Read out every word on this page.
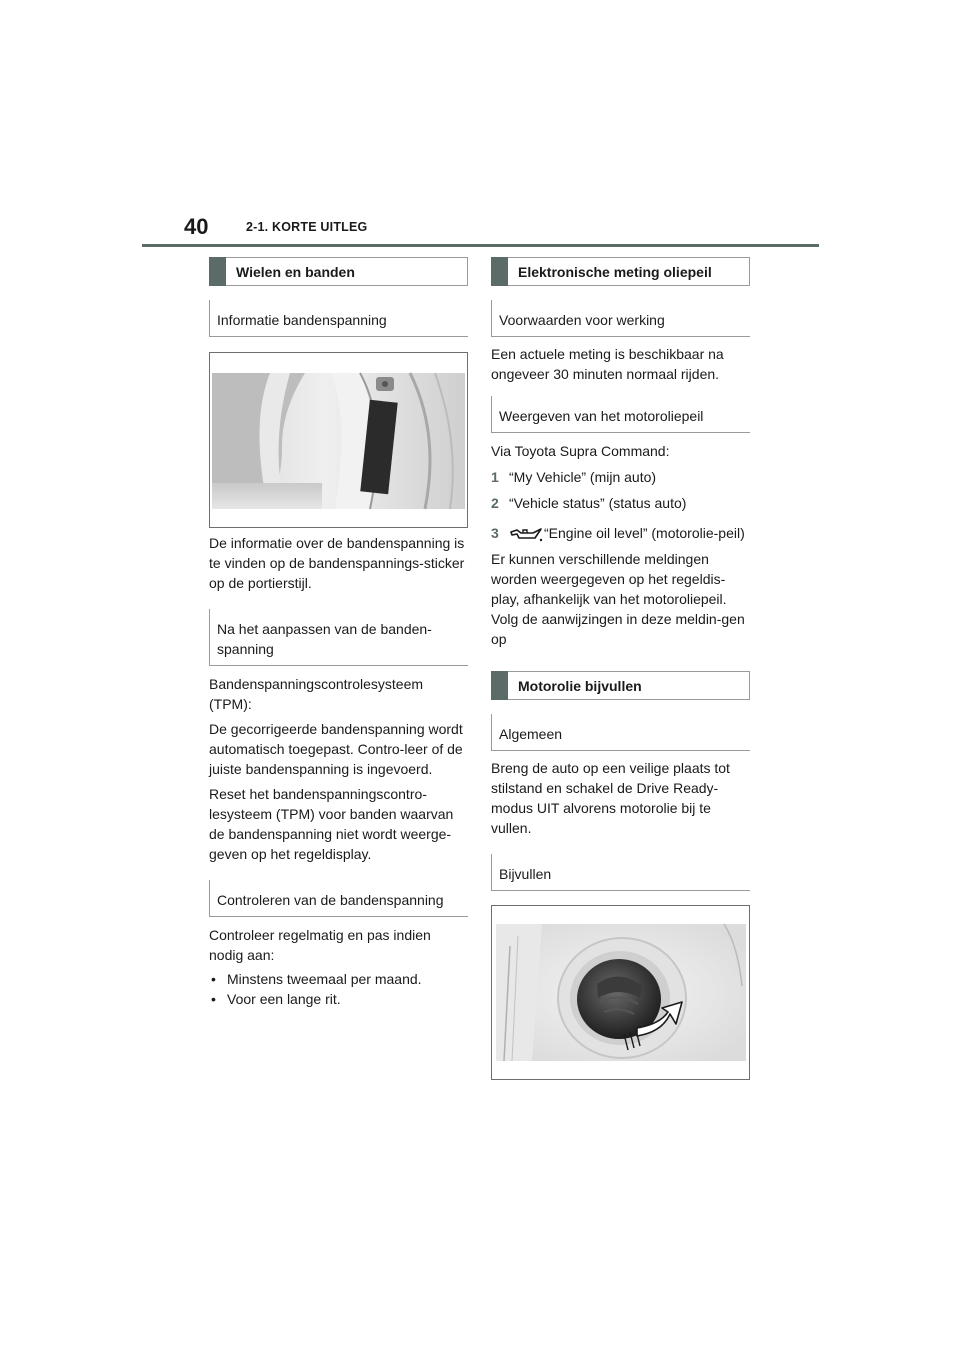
40	2-1. KORTE UITLEG
Wielen en banden
Informatie bandenspanning

De informatie over de bandenspanning is te vinden op de bandenspannings-sticker op de portierstijl.

Na het aanpassen van de banden-spanning

Bandenspanningscontrolesysteem (TPM):

De gecorrigeerde bandenspanning wordt automatisch toegepast. Contro-leer of de juiste bandenspanning is ingevoerd.

Reset het bandenspanningscontro-lesysteem (TPM) voor banden waarvan de bandenspanning niet wordt weerge-geven op het regeldisplay.

Controleren van de bandenspanning

Controleer regelmatig en pas indien nodig aan:

• Minstens tweemaal per maand.
• Voor een lange rit.
Elektronische meting oliepeil
Voorwaarden voor werking

Een actuele meting is beschikbaar na ongeveer 30 minuten normaal rijden.

Weergeven van het motoroliepeil

Via Toyota Supra Command:

1 “My Vehicle” (mijn auto)
2 “Vehicle status” (status auto)
3	“Engine oil level” (motorolie-peil)

Er kunnen verschillende meldingen worden weergegeven op het regeldis-play, afhankelijk van het motoroliepeil. Volg de aanwijzingen in deze meldin-gen op

Motorolie bijvullen
Algemeen

Breng de auto op een veilige plaats tot stilstand en schakel de Drive Ready-modus UIT alvorens motorolie bij te vullen.

Bijvullen
